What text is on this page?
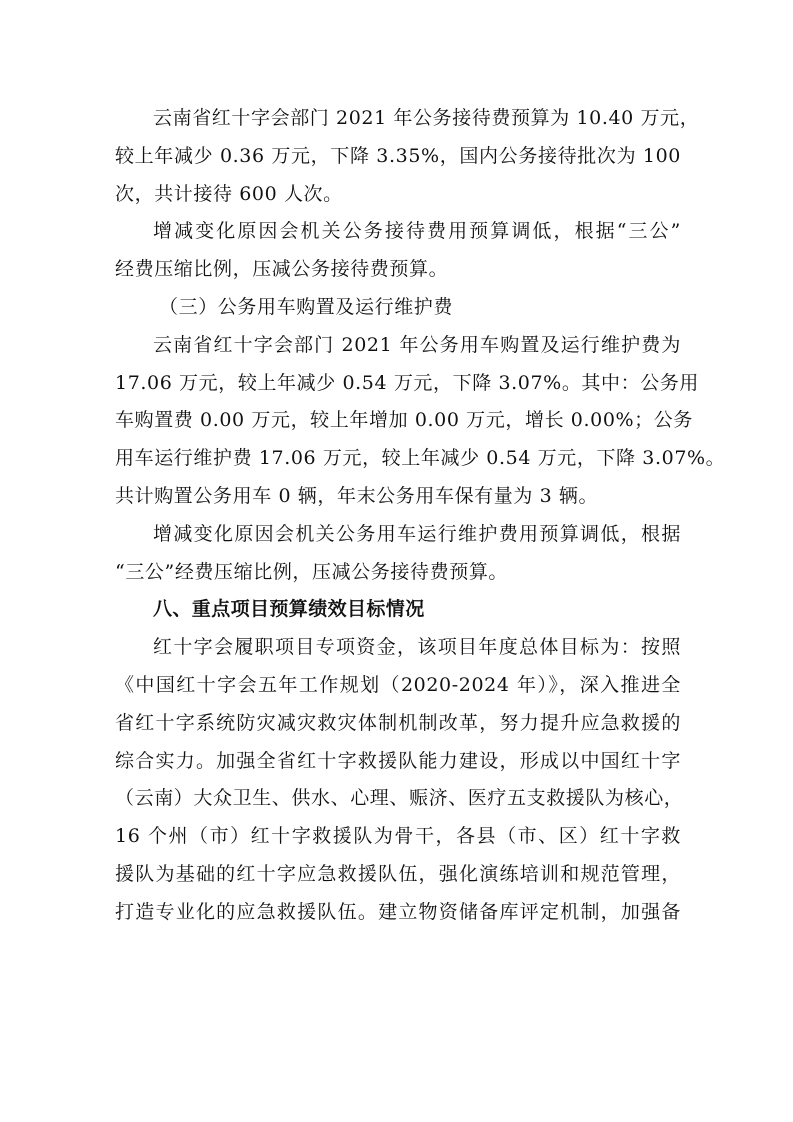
云南省红十字会部门 2021 年公务接待费预算为 10.40 万元，
较上年减少 0.36 万元，下降 3.35%，国内公务接待批次为 100
次，共计接待 600 人次。
增减变化原因会机关公务接待费用预算调低，根据“三公”
经费压缩比例，压减公务接待费预算。
（三）公务用车购置及运行维护费
云南省红十字会部门 2021 年公务用车购置及运行维护费为
17.06 万元，较上年减少 0.54 万元，下降 3.07%。其中：公务用
车购置费 0.00 万元，较上年增加 0.00 万元，增长 0.00%；公务
用车运行维护费 17.06 万元，较上年减少 0.54 万元，下降 3.07%。
共计购置公务用车 0 辆，年末公务用车保有量为 3 辆。
增减变化原因会机关公务用车运行维护费用预算调低，根据
“三公”经费压缩比例，压减公务接待费预算。
八、重点项目预算绩效目标情况
红十字会履职项目专项资金，该项目年度总体目标为：按照
《中国红十字会五年工作规划（2020-2024 年）》，深入推进全
省红十字系统防灾减灾救灾体制机制改革，努力提升应急救援的
综合实力。加强全省红十字救援队能力建设，形成以中国红十字
（云南）大众卫生、供水、心理、赈济、医疗五支救援队为核心，
16 个州（市）红十字救援队为骨干，各县（市、区）红十字救
援队为基础的红十字应急救援队伍，强化演练培训和规范管理，
打造专业化的应急救援队伍。建立物资储备库评定机制，加强备
